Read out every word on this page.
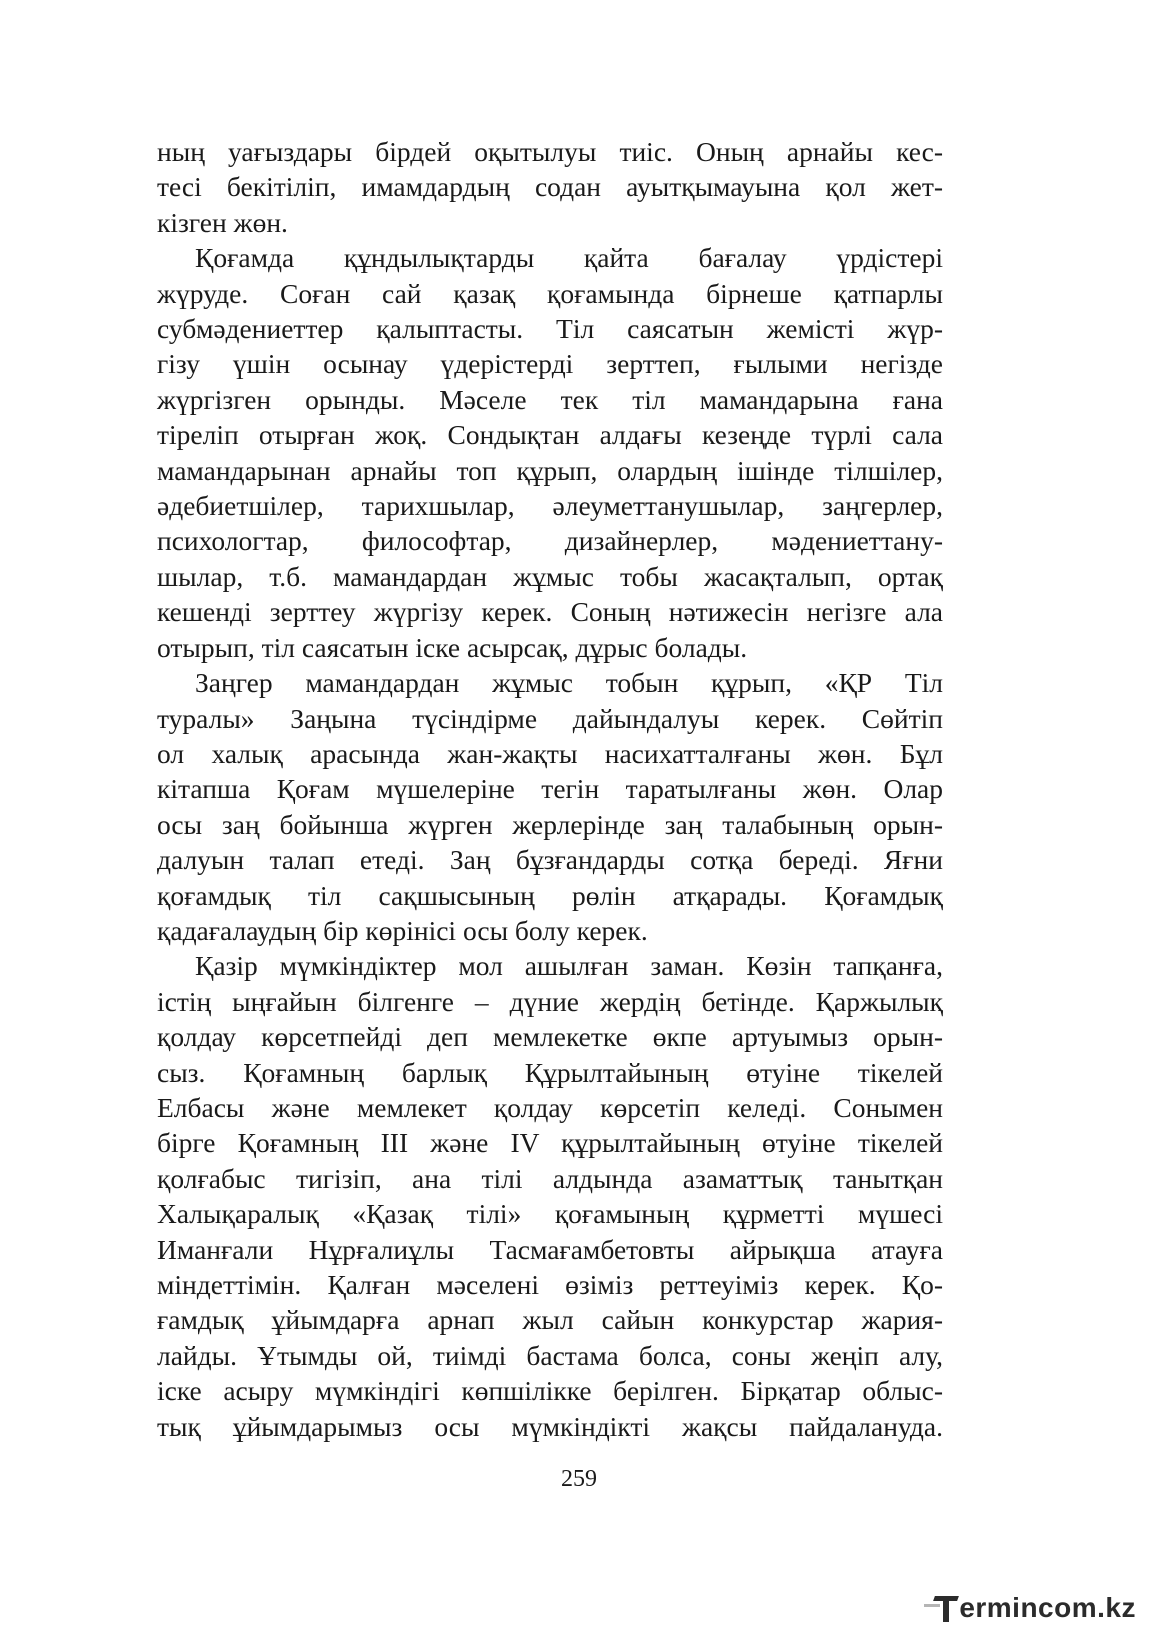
ның уағыздары бірдей оқытылуы тиіс. Оның арнайы кес-
тесі бекітіліп, имамдардың содан ауытқымауына қол жет-
кізген жөн.
Қоғамда құндылықтарды қайта бағалау үрдістері
жүруде. Соған сай қазақ қоғамында бірнеше қатпарлы
субмәдениеттер қалыптасты. Тіл саясатын жемісті жүр-
гізу үшін осынау үдерістерді зерттеп, ғылыми негізде
жүргізген орынды. Мәселе тек тіл мамандарына ғана
тіреліп отырған жоқ. Сондықтан алдағы кезеңде түрлі сала
мамандарынан арнайы топ құрып, олардың ішінде тілшілер,
әдебиетшілер, тарихшылар, әлеуметтанушылар, заңгерлер,
психологтар, философтар, дизайнерлер, мәдениеттану-
шылар, т.б. мамандардан жұмыс тобы жасақталып, ортақ
кешенді зерттеу жүргізу керек. Соның нәтижесін негізге ала
отырып, тіл саясатын іске асырсақ, дұрыс болады.
Заңгер мамандардан жұмыс тобын құрып, «ҚР Тіл
туралы» Заңына түсіндірме дайындалуы керек. Сөйтіп
ол халық арасында жан-жақты насихатталғаны жөн. Бұл
кітапша Қоғам мүшелеріне тегін таратылғаны жөн. Олар
осы заң бойынша жүрген жерлерінде заң талабының орын-
далуын талап етеді. Заң бұзғандарды сотқа береді. Яғни
қоғамдық тіл сақшысының рөлін атқарады. Қоғамдық
қадағалаудың бір көрінісі осы болу керек.
Қазір мүмкіндіктер мол ашылған заман. Көзін тапқанға,
істің ыңғайын білгенге – дүние жердің бетінде. Қаржылық
қолдау көрсетпейді деп мемлекетке өкпе артуымыз орын-
сыз. Қоғамның барлық Құрылтайының өтуіне тікелей
Елбасы және мемлекет қолдау көрсетіп келеді. Сонымен
бірге Қоғамның III және IV құрылтайының өтуіне тікелей
қолғабыс тигізіп, ана тілі алдында азаматтық танытқан
Халықаралық «Қазақ тілі» қоғамының құрметті мүшесі
Иманғали Нұрғалиұлы Тасмағамбетовты айрықша атауға
міндеттімін. Қалған мәселені өзіміз реттеуіміз керек. Қо-
ғамдық ұйымдарға арнап жыл сайын конкурстар жария-
лайды. Ұтымды ой, тиімді бастама болса, соны жеңіп алу,
іске асыру мүмкіндігі көпшілікке берілген. Бірқатар облыс-
тық ұйымдарымыз осы мүмкіндікті жақсы пайдалануда.
259
ermincо m.kz
